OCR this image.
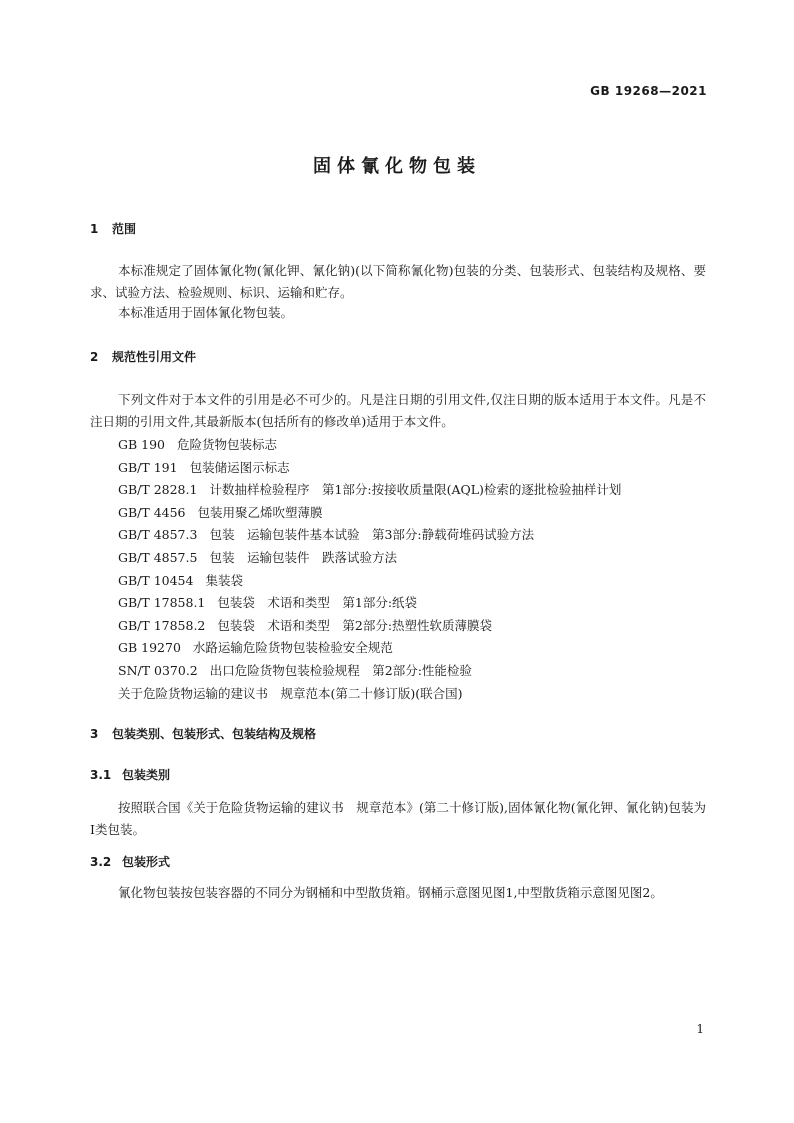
GB 19268—2021
固体氰化物包装
1 范围

本标准规定了固体氰化物(氰化钾、氰化钠)(以下简称氰化物)包装的分类、包装形式、包装结构及规格、要求、试验方法、检验规则、标识、运输和贮存。

本标准适用于固体氰化物包装。

2 规范性引用文件

下列文件对于本文件的引用是必不可少的。凡是注日期的引用文件,仅注日期的版本适用于本文件。凡是不注日期的引用文件,其最新版本(包括所有的修改单)适用于本文件。

GB 190 危险货物包装标志
GB/T 191 包装储运图示标志
GB/T 2828.1 计数抽样检验程序　第1部分:按接收质量限(AQL)检索的逐批检验抽样计划
GB/T 4456 包装用聚乙烯吹塑薄膜
GB/T 4857.3 包装　运输包装件基本试验　第3部分:静载荷堆码试验方法
GB/T 4857.5 包装　运输包装件　跌落试验方法
GB/T 10454 集装袋
GB/T 17858.1 包装袋　术语和类型　第1部分:纸袋
GB/T 17858.2 包装袋　术语和类型　第2部分:热塑性软质薄膜袋
GB 19270 水路运输危险货物包装检验安全规范
SN/T 0370.2 出口危险货物包装检验规程　第2部分:性能检验
关于危险货物运输的建议书　规章范本(第二十修订版)(联合国)
3 包装类别、包装形式、包装结构及规格
3.1 包装类别

按照联合国《关于危险货物运输的建议书　规章范本》(第二十修订版),固体氰化物(氰化钾、氰化钠)包装为Ⅰ类包装。

3.2 包装形式

氰化物包装按包装容器的不同分为钢桶和中型散货箱。钢桶示意图见图1,中型散货箱示意图见图2。

1
